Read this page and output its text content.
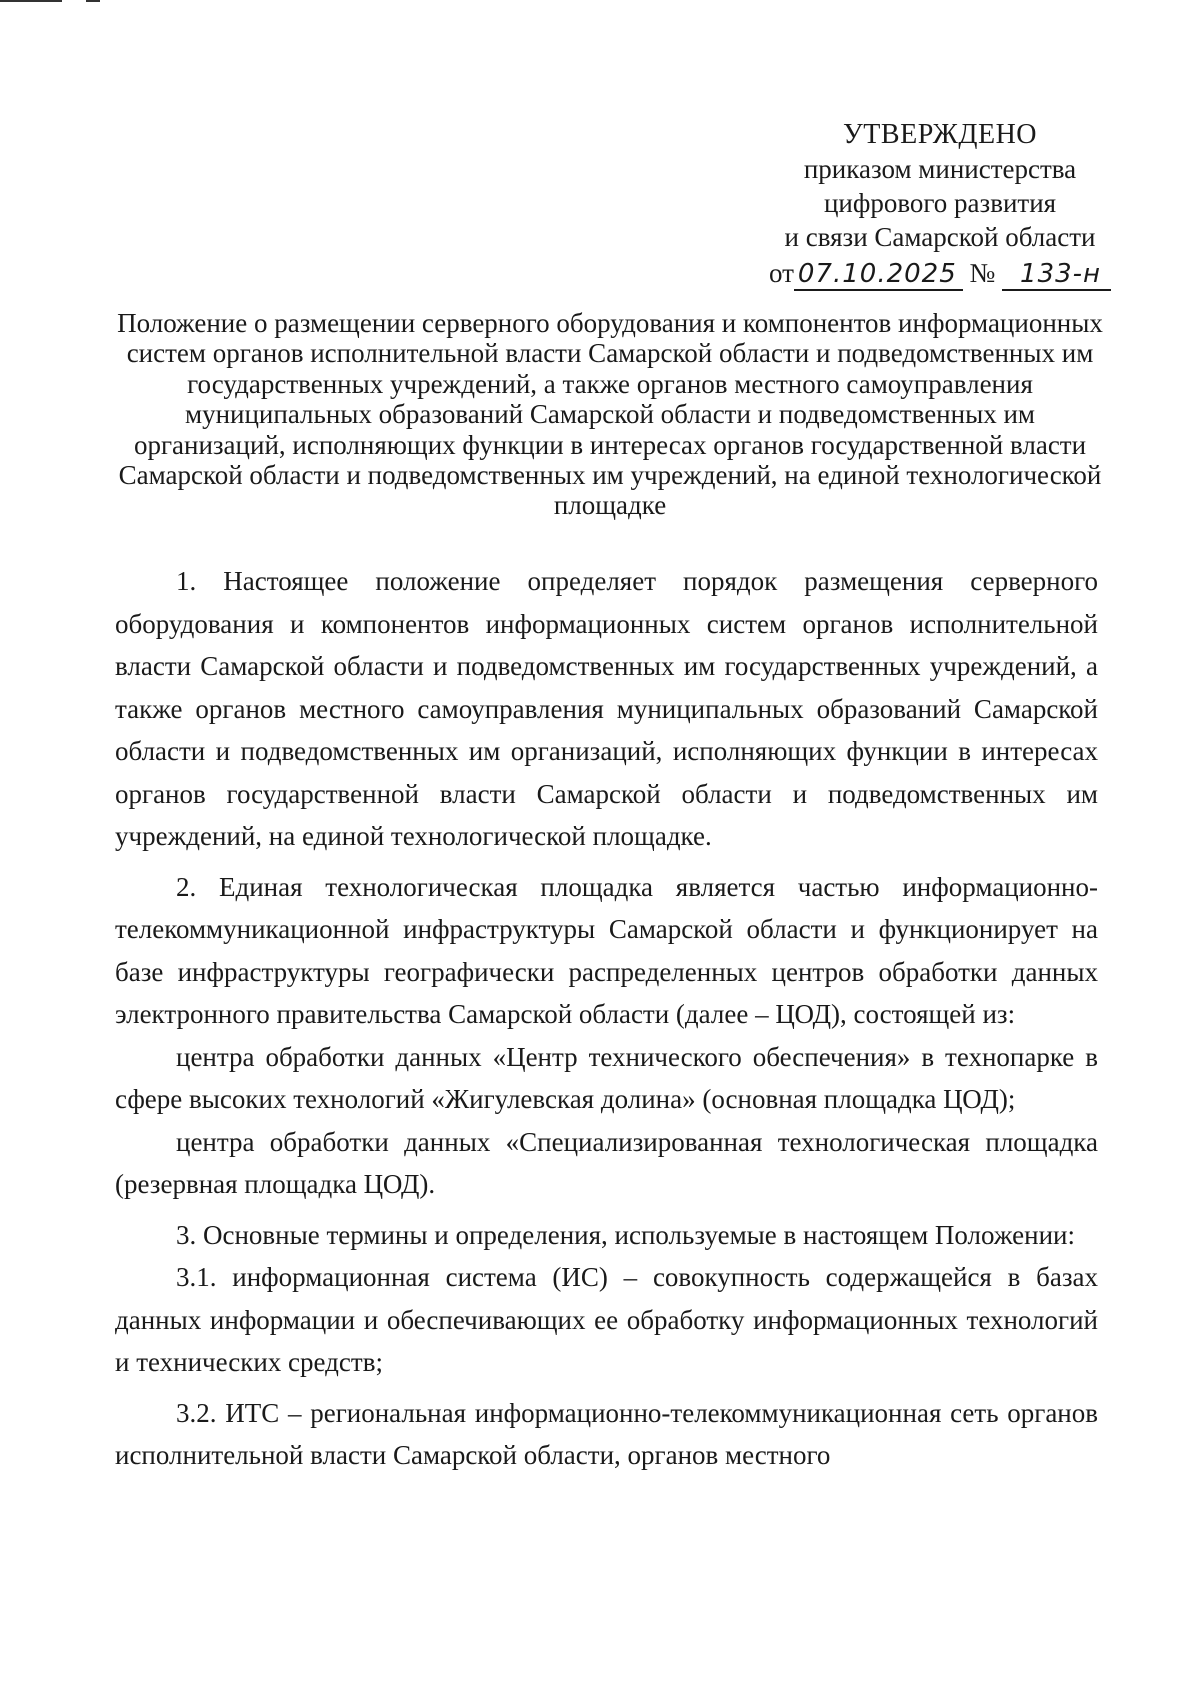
УТВЕРЖДЕНО
приказом министерства
цифрового развития
и связи Самарской области
от 07.10.2025 № 133-н
Положение о размещении серверного оборудования и компонентов информационных систем органов исполнительной власти Самарской области и подведомственных им государственных учреждений, а также органов местного самоуправления муниципальных образований Самарской области и подведомственных им организаций, исполняющих функции в интересах органов государственной власти Самарской области и подведомственных им учреждений, на единой технологической площадке

1. Настоящее положение определяет порядок размещения серверного оборудования и компонентов информационных систем органов исполнительной власти Самарской области и подведомственных им государственных учреждений, а также органов местного самоуправления муниципальных образований Самарской области и подведомственных им организаций, исполняющих функции в интересах органов государственной власти Самарской области и подведомственных им учреждений, на единой технологической площадке.

2. Единая технологическая площадка является частью информационно-телекоммуникационной инфраструктуры Самарской области и функционирует на базе инфраструктуры географически распределенных центров обработки данных электронного правительства Самарской области (далее – ЦОД), состоящей из:

центра обработки данных «Центр технического обеспечения» в технопарке в сфере высоких технологий «Жигулевская долина» (основная площадка ЦОД);

центра обработки данных «Специализированная технологическая площадка (резервная площадка ЦОД).

3. Основные термины и определения, используемые в настоящем Положении:

3.1. информационная система (ИС) – совокупность содержащейся в базах данных информации и обеспечивающих ее обработку информационных технологий и технических средств;

3.2. ИТС – региональная информационно-телекоммуникационная сеть органов исполнительной власти Самарской области, органов местного
